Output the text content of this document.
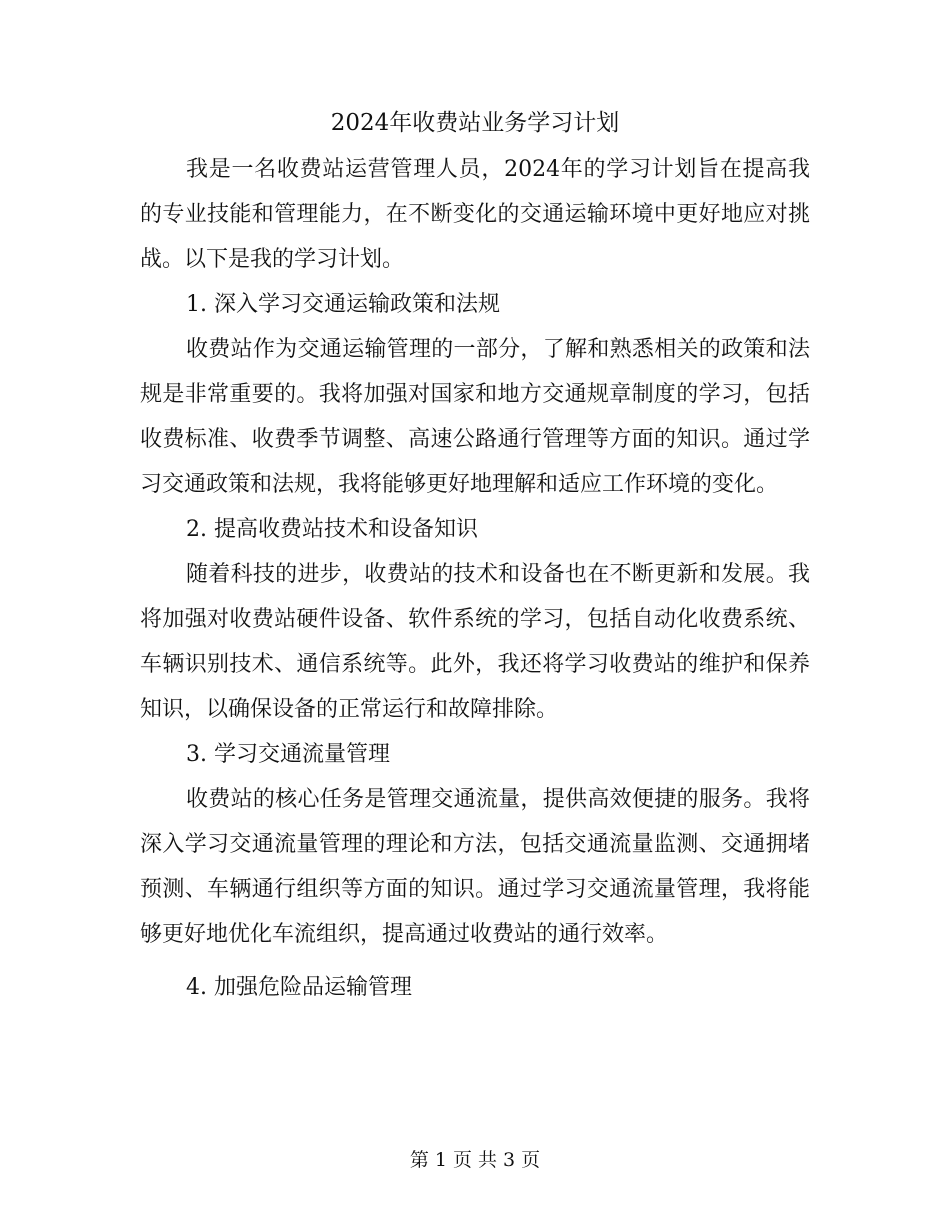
2024年收费站业务学习计划

我是一名收费站运营管理人员，2024年的学习计划旨在提高我的专业技能和管理能力，在不断变化的交通运输环境中更好地应对挑战。以下是我的学习计划。

1. 深入学习交通运输政策和法规

收费站作为交通运输管理的一部分，了解和熟悉相关的政策和法规是非常重要的。我将加强对国家和地方交通规章制度的学习，包括收费标准、收费季节调整、高速公路通行管理等方面的知识。通过学习交通政策和法规，我将能够更好地理解和适应工作环境的变化。

2. 提高收费站技术和设备知识

随着科技的进步，收费站的技术和设备也在不断更新和发展。我将加强对收费站硬件设备、软件系统的学习，包括自动化收费系统、车辆识别技术、通信系统等。此外，我还将学习收费站的维护和保养知识，以确保设备的正常运行和故障排除。

3. 学习交通流量管理

收费站的核心任务是管理交通流量，提供高效便捷的服务。我将深入学习交通流量管理的理论和方法，包括交通流量监测、交通拥堵预测、车辆通行组织等方面的知识。通过学习交通流量管理，我将能够更好地优化车流组织，提高通过收费站的通行效率。

4. 加强危险品运输管理
第 1 页 共 3 页
